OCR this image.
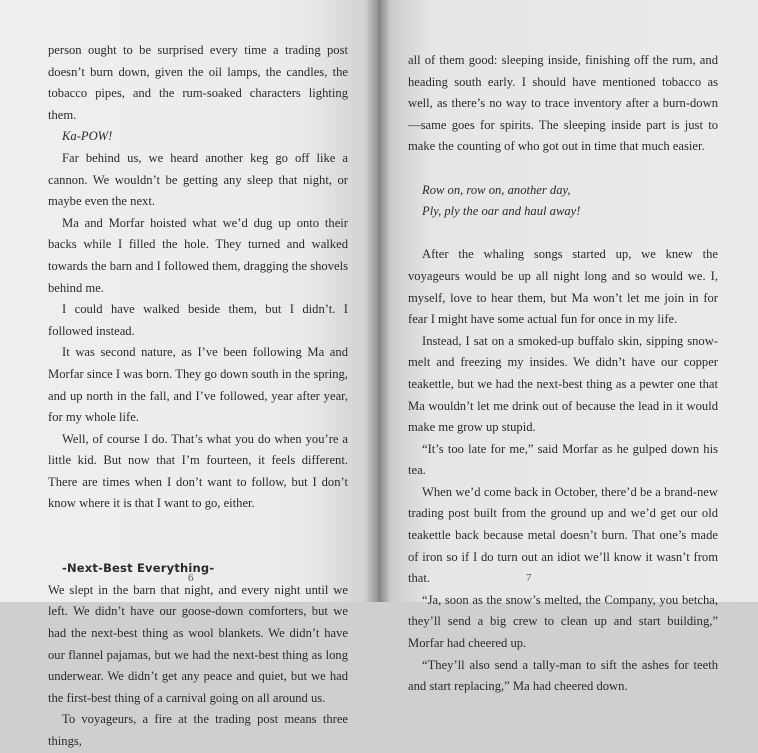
person ought to be surprised every time a trading post doesn’t burn down, given the oil lamps, the candles, the tobacco pipes, and the rum-soaked characters lighting them.

Ka-POW!

Far behind us, we heard another keg go off like a cannon. We wouldn’t be getting any sleep that night, or maybe even the next.

Ma and Morfar hoisted what we’d dug up onto their backs while I filled the hole. They turned and walked towards the barn and I followed them, dragging the shovels behind me.

I could have walked beside them, but I didn’t. I followed instead.

It was second nature, as I’ve been following Ma and Morfar since I was born. They go down south in the spring, and up north in the fall, and I’ve followed, year after year, for my whole life.

Well, of course I do. That’s what you do when you’re a little kid. But now that I’m fourteen, it feels different. There are times when I don’t want to follow, but I don’t know where it is that I want to go, either.

-Next-Best Everything-

We slept in the barn that night, and every night until we left. We didn’t have our goose-down comforters, but we had the next-best thing as wool blankets. We didn’t have our flannel pajamas, but we had the next-best thing as long underwear. We didn’t get any peace and quiet, but we had the first-best thing of a carnival going on all around us.

To voyageurs, a fire at the trading post means three things,

6

all of them good: sleeping inside, finishing off the rum, and heading south early. I should have mentioned tobacco as well, as there’s no way to trace inventory after a burn-down—same goes for spirits. The sleeping inside part is just to make the counting of who got out in time that much easier.

Row on, row on, another day,

Ply, ply the oar and haul away!

After the whaling songs started up, we knew the voyageurs would be up all night long and so would we. I, myself, love to hear them, but Ma won’t let me join in for fear I might have some actual fun for once in my life.

Instead, I sat on a smoked-up buffalo skin, sipping snow-melt and freezing my insides. We didn’t have our copper teakettle, but we had the next-best thing as a pewter one that Ma wouldn’t let me drink out of because the lead in it would make me grow up stupid.

“It’s too late for me,” said Morfar as he gulped down his tea.

When we’d come back in October, there’d be a brand-new trading post built from the ground up and we’d get our old teakettle back because metal doesn’t burn. That one’s made of iron so if I do turn out an idiot we’ll know it wasn’t from that.

“Ja, soon as the snow’s melted, the Company, you betcha, they’ll send a big crew to clean up and start building,” Morfar had cheered up.

“They’ll also send a tally-man to sift the ashes for teeth and start replacing,” Ma had cheered down.

7
